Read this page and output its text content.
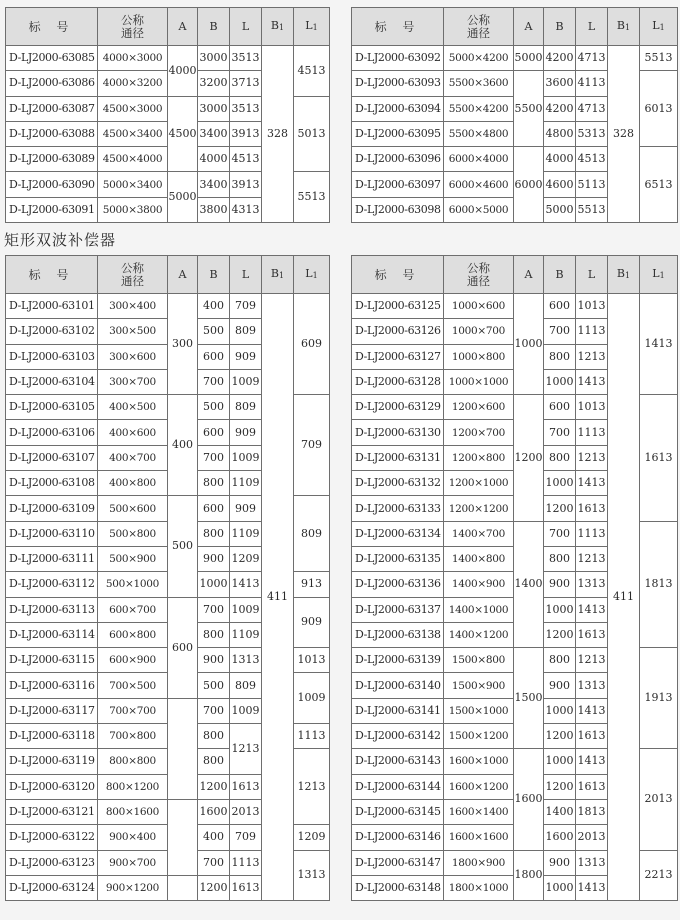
矩形双波补偿器
标 号	公称
通径	A	B	L	B1	L1
D-LJ2000-63085	4000×3000	4000	3000	3513	328	4513
D-LJ2000-63086	4000×3200		3200	3713		
D-LJ2000-63087	4500×3000	4500	3000	3513		5013
D-LJ2000-63088	4500×3400		3400	3913		
D-LJ2000-63089	4500×4000		4000	4513		
D-LJ2000-63090	5000×3400	5000	3400	3913		5513
D-LJ2000-63091	5000×3800		3800	4313		
标 号	公称
通径	A	B	L	B1	L1
D-LJ2000-63092	5000×4200	5000	4200	4713	328	5513
D-LJ2000-63093	5500×3600	5500	3600	4113		6013
D-LJ2000-63094	5500×4200		4200	4713		
D-LJ2000-63095	5500×4800		4800	5313		
D-LJ2000-63096	6000×4000	6000	4000	4513		6513
D-LJ2000-63097	6000×4600		4600	5113		
D-LJ2000-63098	6000×5000		5000	5513		
标 号	公称
通径	A	B	L	B1	L1
D-LJ2000-63101	300×400	300	400	709	411	609
D-LJ2000-63102	300×500		500	809		
D-LJ2000-63103	300×600		600	909		
D-LJ2000-63104	300×700		700	1009		
D-LJ2000-63105	400×500	400	500	809		709
D-LJ2000-63106	400×600		600	909		
D-LJ2000-63107	400×700		700	1009		
D-LJ2000-63108	400×800		800	1109		
D-LJ2000-63109	500×600	500	600	909		809
D-LJ2000-63110	500×800		800	1109		
D-LJ2000-63111	500×900		900	1209		
D-LJ2000-63112	500×1000		1000	1413		913
D-LJ2000-63113	600×700	600	700	1009		909
D-LJ2000-63114	600×800		800	1109		
D-LJ2000-63115	600×900		900	1313		1013
D-LJ2000-63116	700×500		500	809		1009
D-LJ2000-63117	700×700		700	1009		
D-LJ2000-63118	700×800		800	1213		1113
D-LJ2000-63119	800×800		800			1213
D-LJ2000-63120	800×1200		1200	1613		
D-LJ2000-63121	800×1600		1600	2013		
D-LJ2000-63122	900×400		400	709		1209
D-LJ2000-63123	900×700		700	1113		1313
D-LJ2000-63124	900×1200		1200	1613		
标 号	公称
通径	A	B	L	B1	L1
D-LJ2000-63125	1000×600	1000	600	1013	411	1413
D-LJ2000-63126	1000×700		700	1113		
D-LJ2000-63127	1000×800		800	1213		
D-LJ2000-63128	1000×1000		1000	1413		
D-LJ2000-63129	1200×600	1200	600	1013		1613
D-LJ2000-63130	1200×700		700	1113		
D-LJ2000-63131	1200×800		800	1213		
D-LJ2000-63132	1200×1000		1000	1413		
D-LJ2000-63133	1200×1200		1200	1613		
D-LJ2000-63134	1400×700	1400	700	1113		1813
D-LJ2000-63135	1400×800		800	1213		
D-LJ2000-63136	1400×900		900	1313		
D-LJ2000-63137	1400×1000		1000	1413		
D-LJ2000-63138	1400×1200		1200	1613		
D-LJ2000-63139	1500×800	1500	800	1213		1913
D-LJ2000-63140	1500×900		900	1313		
D-LJ2000-63141	1500×1000		1000	1413		
D-LJ2000-63142	1500×1200		1200	1613		
D-LJ2000-63143	1600×1000	1600	1000	1413		2013
D-LJ2000-63144	1600×1200		1200	1613		
D-LJ2000-63145	1600×1400		1400	1813		
D-LJ2000-63146	1600×1600		1600	2013		
D-LJ2000-63147	1800×900	1800	900	1313		2213
D-LJ2000-63148	1800×1000		1000	1413		
